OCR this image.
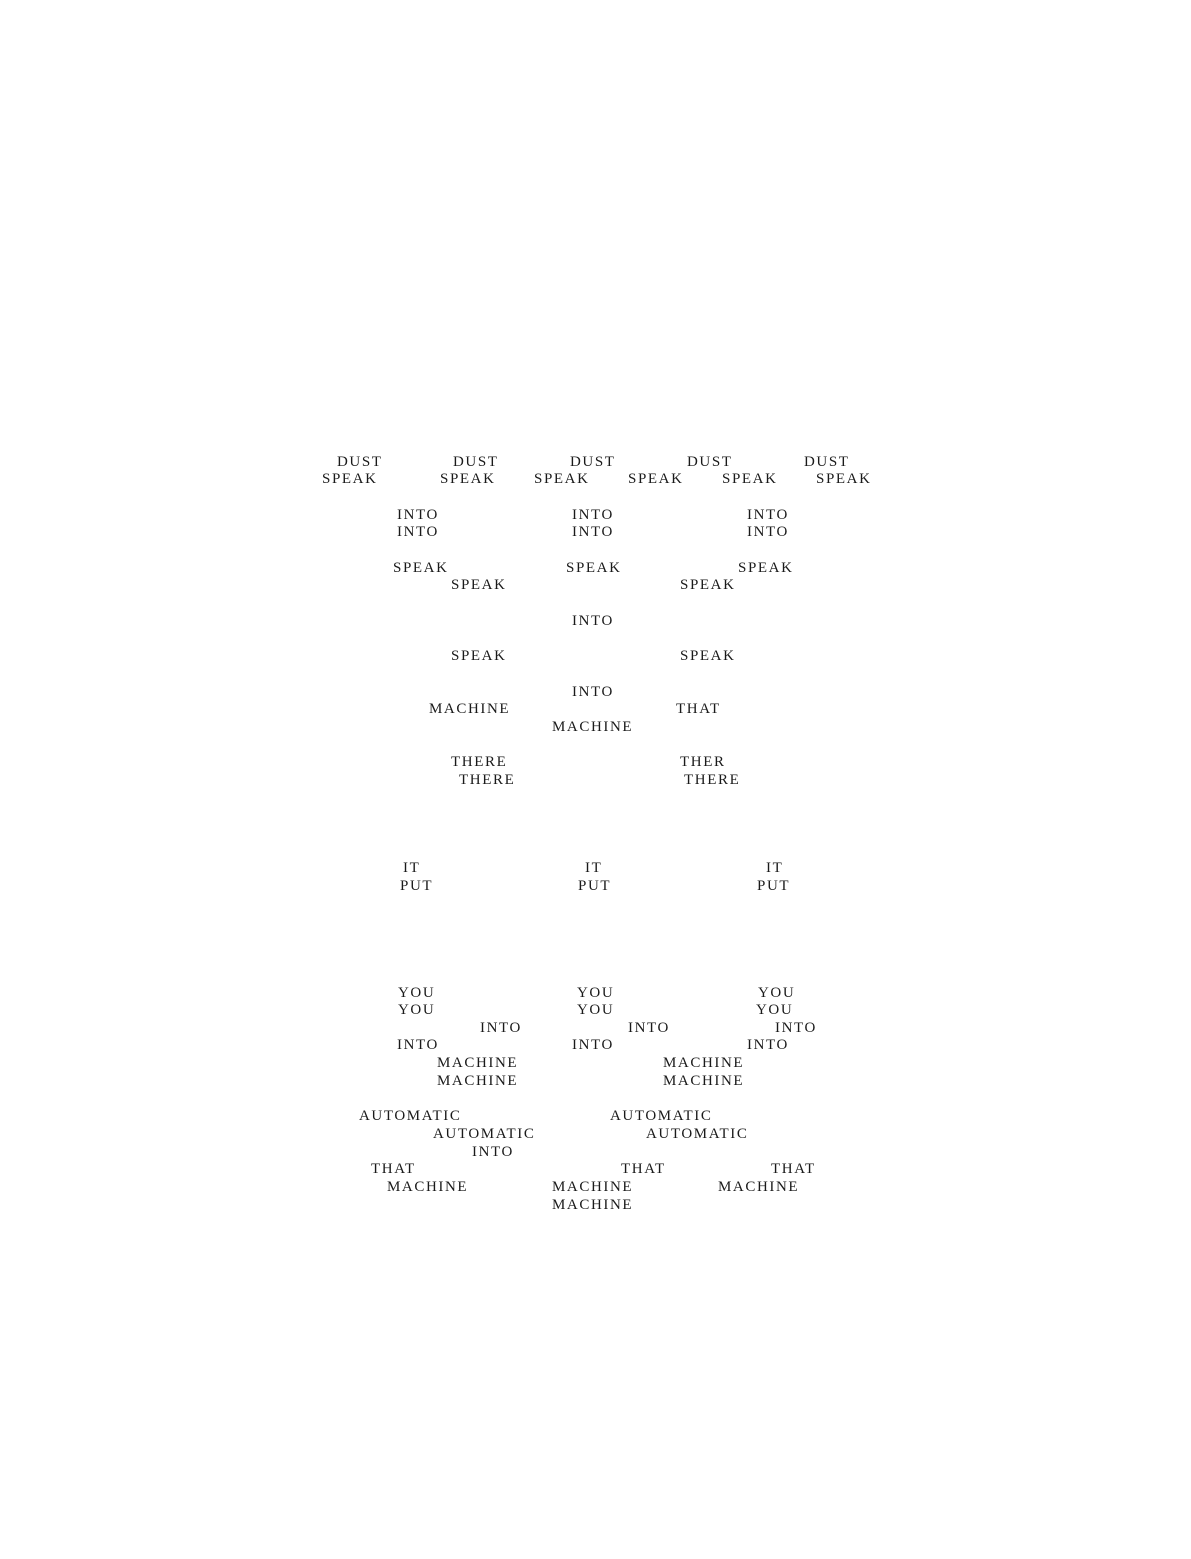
DUST	DUST	DUST	DUST	DUST
SPEAK	SPEAK	SPEAK	SPEAK	SPEAK	SPEAK
INTO	INTO	INTO
INTO	INTO	INTO
SPEAK	SPEAK	SPEAK
SPEAK	SPEAK
INTO
SPEAK	SPEAK
INTO
MACHINE	THAT
MACHINE
THERE	THER
THERE	THERE
IT	IT	IT
PUT	PUT	PUT
YOU	YOU	YOU
YOU	YOU	YOU
INTO	INTO	INTO
INTO	INTO	INTO
MACHINE	MACHINE
MACHINE	MACHINE
AUTOMATIC	AUTOMATIC
AUTOMATIC	AUTOMATIC
INTO
THAT	THAT	THAT
MACHINE	MACHINE	MACHINE
MACHINE
